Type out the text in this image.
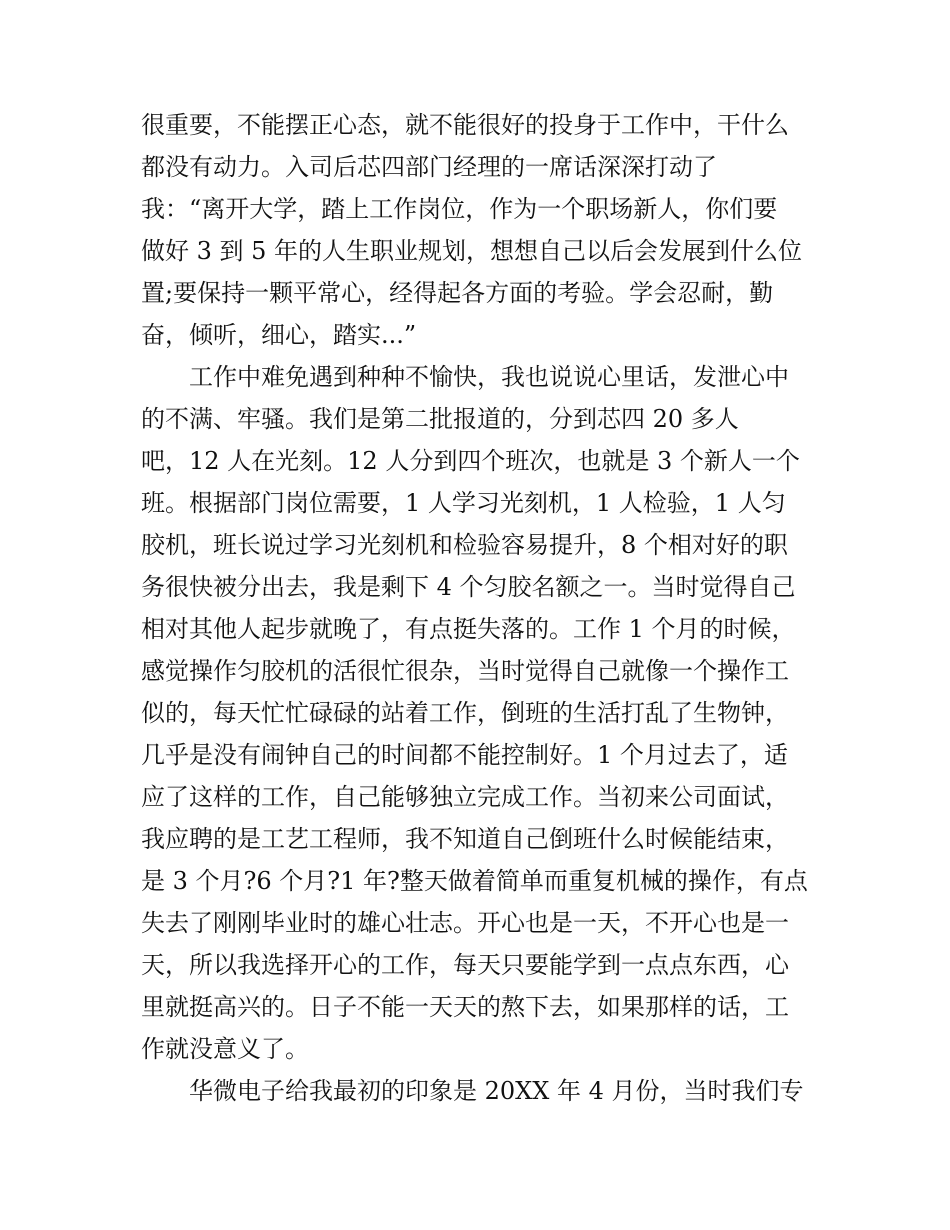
很重要，不能摆正心态，就不能很好的投身于工作中，干什么
都没有动力。入司后芯四部门经理的一席话深深打动了
我：“离开大学，踏上工作岗位，作为一个职场新人，你们要
做好 3 到 5 年的人生职业规划，想想自己以后会发展到什么位
置;要保持一颗平常心，经得起各方面的考验。学会忍耐，勤
奋，倾听，细心，踏实...”
工作中难免遇到种种不愉快，我也说说心里话，发泄心中
的不满、牢骚。我们是第二批报道的，分到芯四 20 多人
吧，12 人在光刻。12 人分到四个班次，也就是 3 个新人一个
班。根据部门岗位需要，1 人学习光刻机，1 人检验，1 人匀
胶机，班长说过学习光刻机和检验容易提升，8 个相对好的职
务很快被分出去，我是剩下 4 个匀胶名额之一。当时觉得自己
相对其他人起步就晚了，有点挺失落的。工作 1 个月的时候，
感觉操作匀胶机的活很忙很杂，当时觉得自己就像一个操作工
似的，每天忙忙碌碌的站着工作，倒班的生活打乱了生物钟，
几乎是没有闹钟自己的时间都不能控制好。1 个月过去了，适
应了这样的工作，自己能够独立完成工作。当初来公司面试，
我应聘的是工艺工程师，我不知道自己倒班什么时候能结束，
是 3 个月?6 个月?1 年?整天做着简单而重复机械的操作，有点
失去了刚刚毕业时的雄心壮志。开心也是一天，不开心也是一
天，所以我选择开心的工作，每天只要能学到一点点东西，心
里就挺高兴的。日子不能一天天的熬下去，如果那样的话，工
作就没意义了。
华微电子给我最初的印象是 20XX 年 4 月份，当时我们专
